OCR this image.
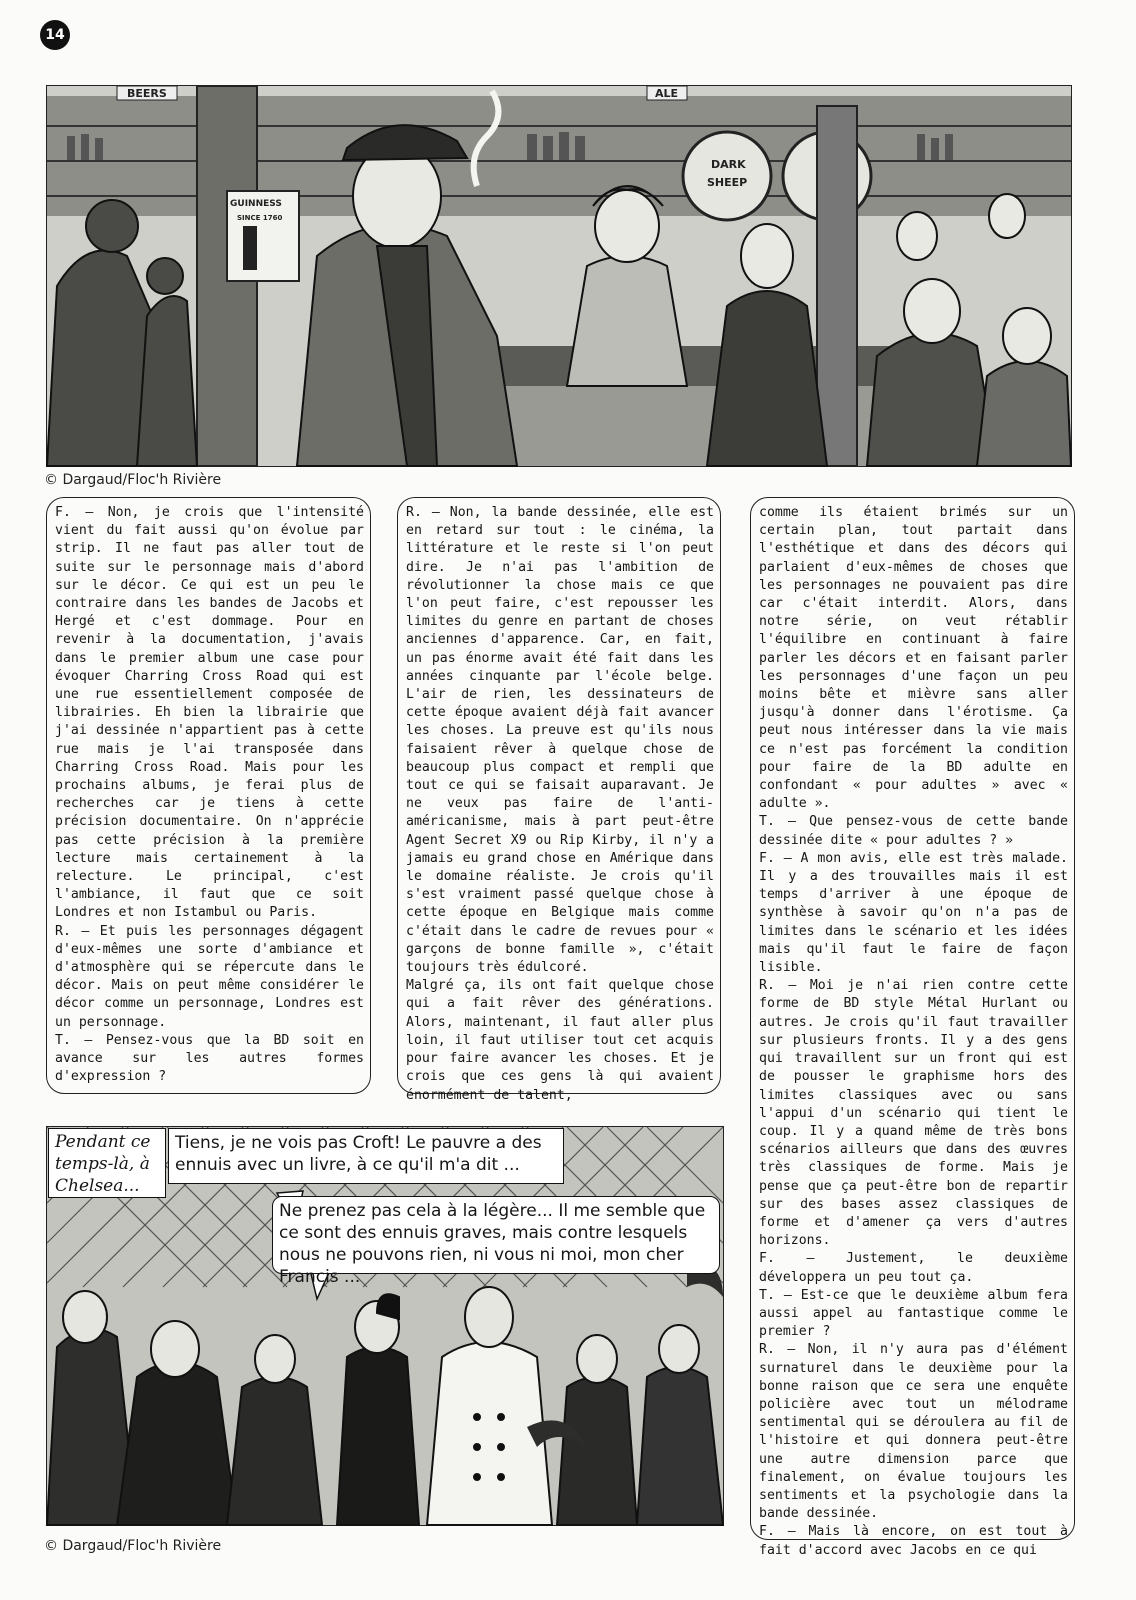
14
DARK
SHEEP
BEERS	ALE
GUINNESS
SINCE 1760
© Dargaud/Floc'h Rivière

F. — Non, je crois que l'intensité vient du fait aussi qu'on évolue par strip. Il ne faut pas aller tout de suite sur le personnage mais d'abord sur le décor. Ce qui est un peu le contraire dans les bandes de Jacobs et Hergé et c'est dommage. Pour en revenir à la documentation, j'avais dans le premier album une case pour évoquer Charring Cross Road qui est une rue essentiellement composée de librairies. Eh bien la librairie que j'ai dessinée n'appartient pas à cette rue mais je l'ai transposée dans Charring Cross Road. Mais pour les prochains albums, je ferai plus de recherches car je tiens à cette précision documentaire. On n'apprécie pas cette précision à la première lecture mais certainement à la relecture. Le principal, c'est l'ambiance, il faut que ce soit Londres et non Istambul ou Paris.

R. — Et puis les personnages dégagent d'eux-mêmes une sorte d'ambiance et d'atmosphère qui se répercute dans le décor. Mais on peut même considérer le décor comme un personnage, Londres est un personnage.

T. — Pensez-vous que la BD soit en avance sur les autres formes d'expression ?

R. — Non, la bande dessinée, elle est en retard sur tout : le cinéma, la littérature et le reste si l'on peut dire. Je n'ai pas l'ambition de révolutionner la chose mais ce que l'on peut faire, c'est repousser les limites du genre en partant de choses anciennes d'apparence. Car, en fait, un pas énorme avait été fait dans les années cinquante par l'école belge. L'air de rien, les dessinateurs de cette époque avaient déjà fait avancer les choses. La preuve est qu'ils nous faisaient rêver à quelque chose de beaucoup plus compact et rempli que tout ce qui se faisait auparavant. Je ne veux pas faire de l'anti-américanisme, mais à part peut-être Agent Secret X9 ou Rip Kirby, il n'y a jamais eu grand chose en Amérique dans le domaine réaliste. Je crois qu'il s'est vraiment passé quelque chose à cette époque en Belgique mais comme c'était dans le cadre de revues pour « garçons de bonne famille », c'était toujours très édulcoré.

Malgré ça, ils ont fait quelque chose qui a fait rêver des générations. Alors, maintenant, il faut aller plus loin, il faut utiliser tout cet acquis pour faire avancer les choses. Et je crois que ces gens là qui avaient énormément de talent,

comme ils étaient brimés sur un certain plan, tout partait dans l'esthétique et dans des décors qui parlaient d'eux-mêmes de choses que les personnages ne pouvaient pas dire car c'était interdit. Alors, dans notre série, on veut rétablir l'équilibre en continuant à faire parler les décors et en faisant parler les personnages d'une façon un peu moins bête et mièvre sans aller jusqu'à donner dans l'érotisme. Ça peut nous intéresser dans la vie mais ce n'est pas forcément la condition pour faire de la BD adulte en confondant « pour adultes » avec « adulte ».

T. — Que pensez-vous de cette bande dessinée dite « pour adultes ? »

F. — A mon avis, elle est très malade. Il y a des trouvailles mais il est temps d'arriver à une époque de synthèse à savoir qu'on n'a pas de limites dans le scénario et les idées mais qu'il faut le faire de façon lisible.

R. — Moi je n'ai rien contre cette forme de BD style Métal Hurlant ou autres. Je crois qu'il faut travailler sur plusieurs fronts. Il y a des gens qui travaillent sur un front qui est de pousser le graphisme hors des limites classiques avec ou sans l'appui d'un scénario qui tient le coup. Il y a quand même de très bons scénarios ailleurs que dans des œuvres très classiques de forme. Mais je pense que ça peut-être bon de repartir sur des bases assez classiques de forme et d'amener ça vers d'autres horizons.

F. — Justement, le deuxième développera un peu tout ça.

T. — Est-ce que le deuxième album fera aussi appel au fantastique comme le premier ?

R. — Non, il n'y aura pas d'élément surnaturel dans le deuxième pour la bonne raison que ce sera une enquête policière avec tout un mélodrame sentimental qui se déroulera au fil de l'histoire et qui donnera peut-être une autre dimension parce que finalement, on évalue toujours les sentiments et la psychologie dans la bande dessinée.

F. — Mais là encore, on est tout à fait d'accord avec Jacobs en ce qui

Pendant ce temps-là, à Chelsea...
Tiens, je ne vois pas Croft! Le pauvre a des ennuis avec un livre, à ce qu'il m'a dit ...
Ne prenez pas cela à la légère... Il me semble que ce sont des ennuis graves, mais contre lesquels nous ne pouvons rien, ni vous ni moi, mon cher Francis ...
© Dargaud/Floc'h Rivière
